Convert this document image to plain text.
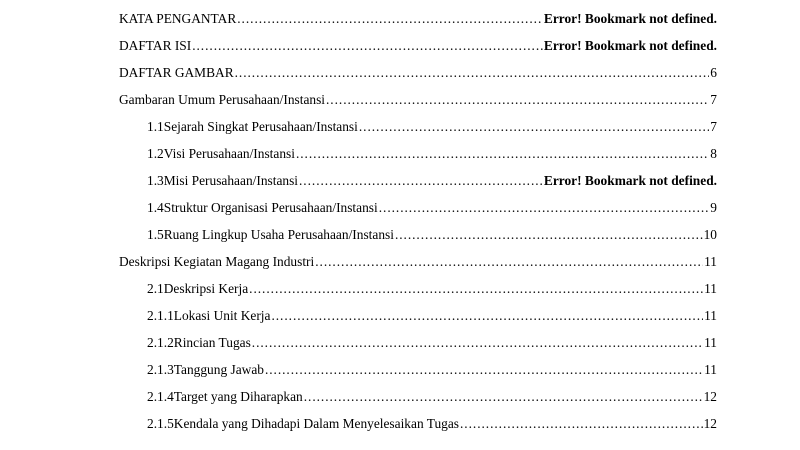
KATA PENGANTAR . . .	Error! Bookmark not defined.
DAFTAR ISI . . .	Error! Bookmark not defined.
DAFTAR GAMBAR . . .	6
Gambaran Umum Perusahaan/Instansi . . .	7
1.1 Sejarah Singkat Perusahaan/Instansi . . .	7
1.2 Visi Perusahaan/Instansi . . .	8
1.3 Misi Perusahaan/Instansi . . .	Error! Bookmark not defined.
1.4 Struktur Organisasi Perusahaan/Instansi . . .	9
1.5 Ruang Lingkup Usaha Perusahaan/Instansi . . .	10
Deskripsi Kegiatan Magang Industri . . .	11
2.1 Deskripsi Kerja . . .	11
2.1.1 Lokasi Unit Kerja . . .	11
2.1.2 Rincian Tugas . . .	11
2.1.3 Tanggung Jawab . . .	11
2.1.4 Target yang Diharapkan . . .	12
2.1.5 Kendala yang Dihadapi Dalam Menyelesaikan Tugas . . .	12
